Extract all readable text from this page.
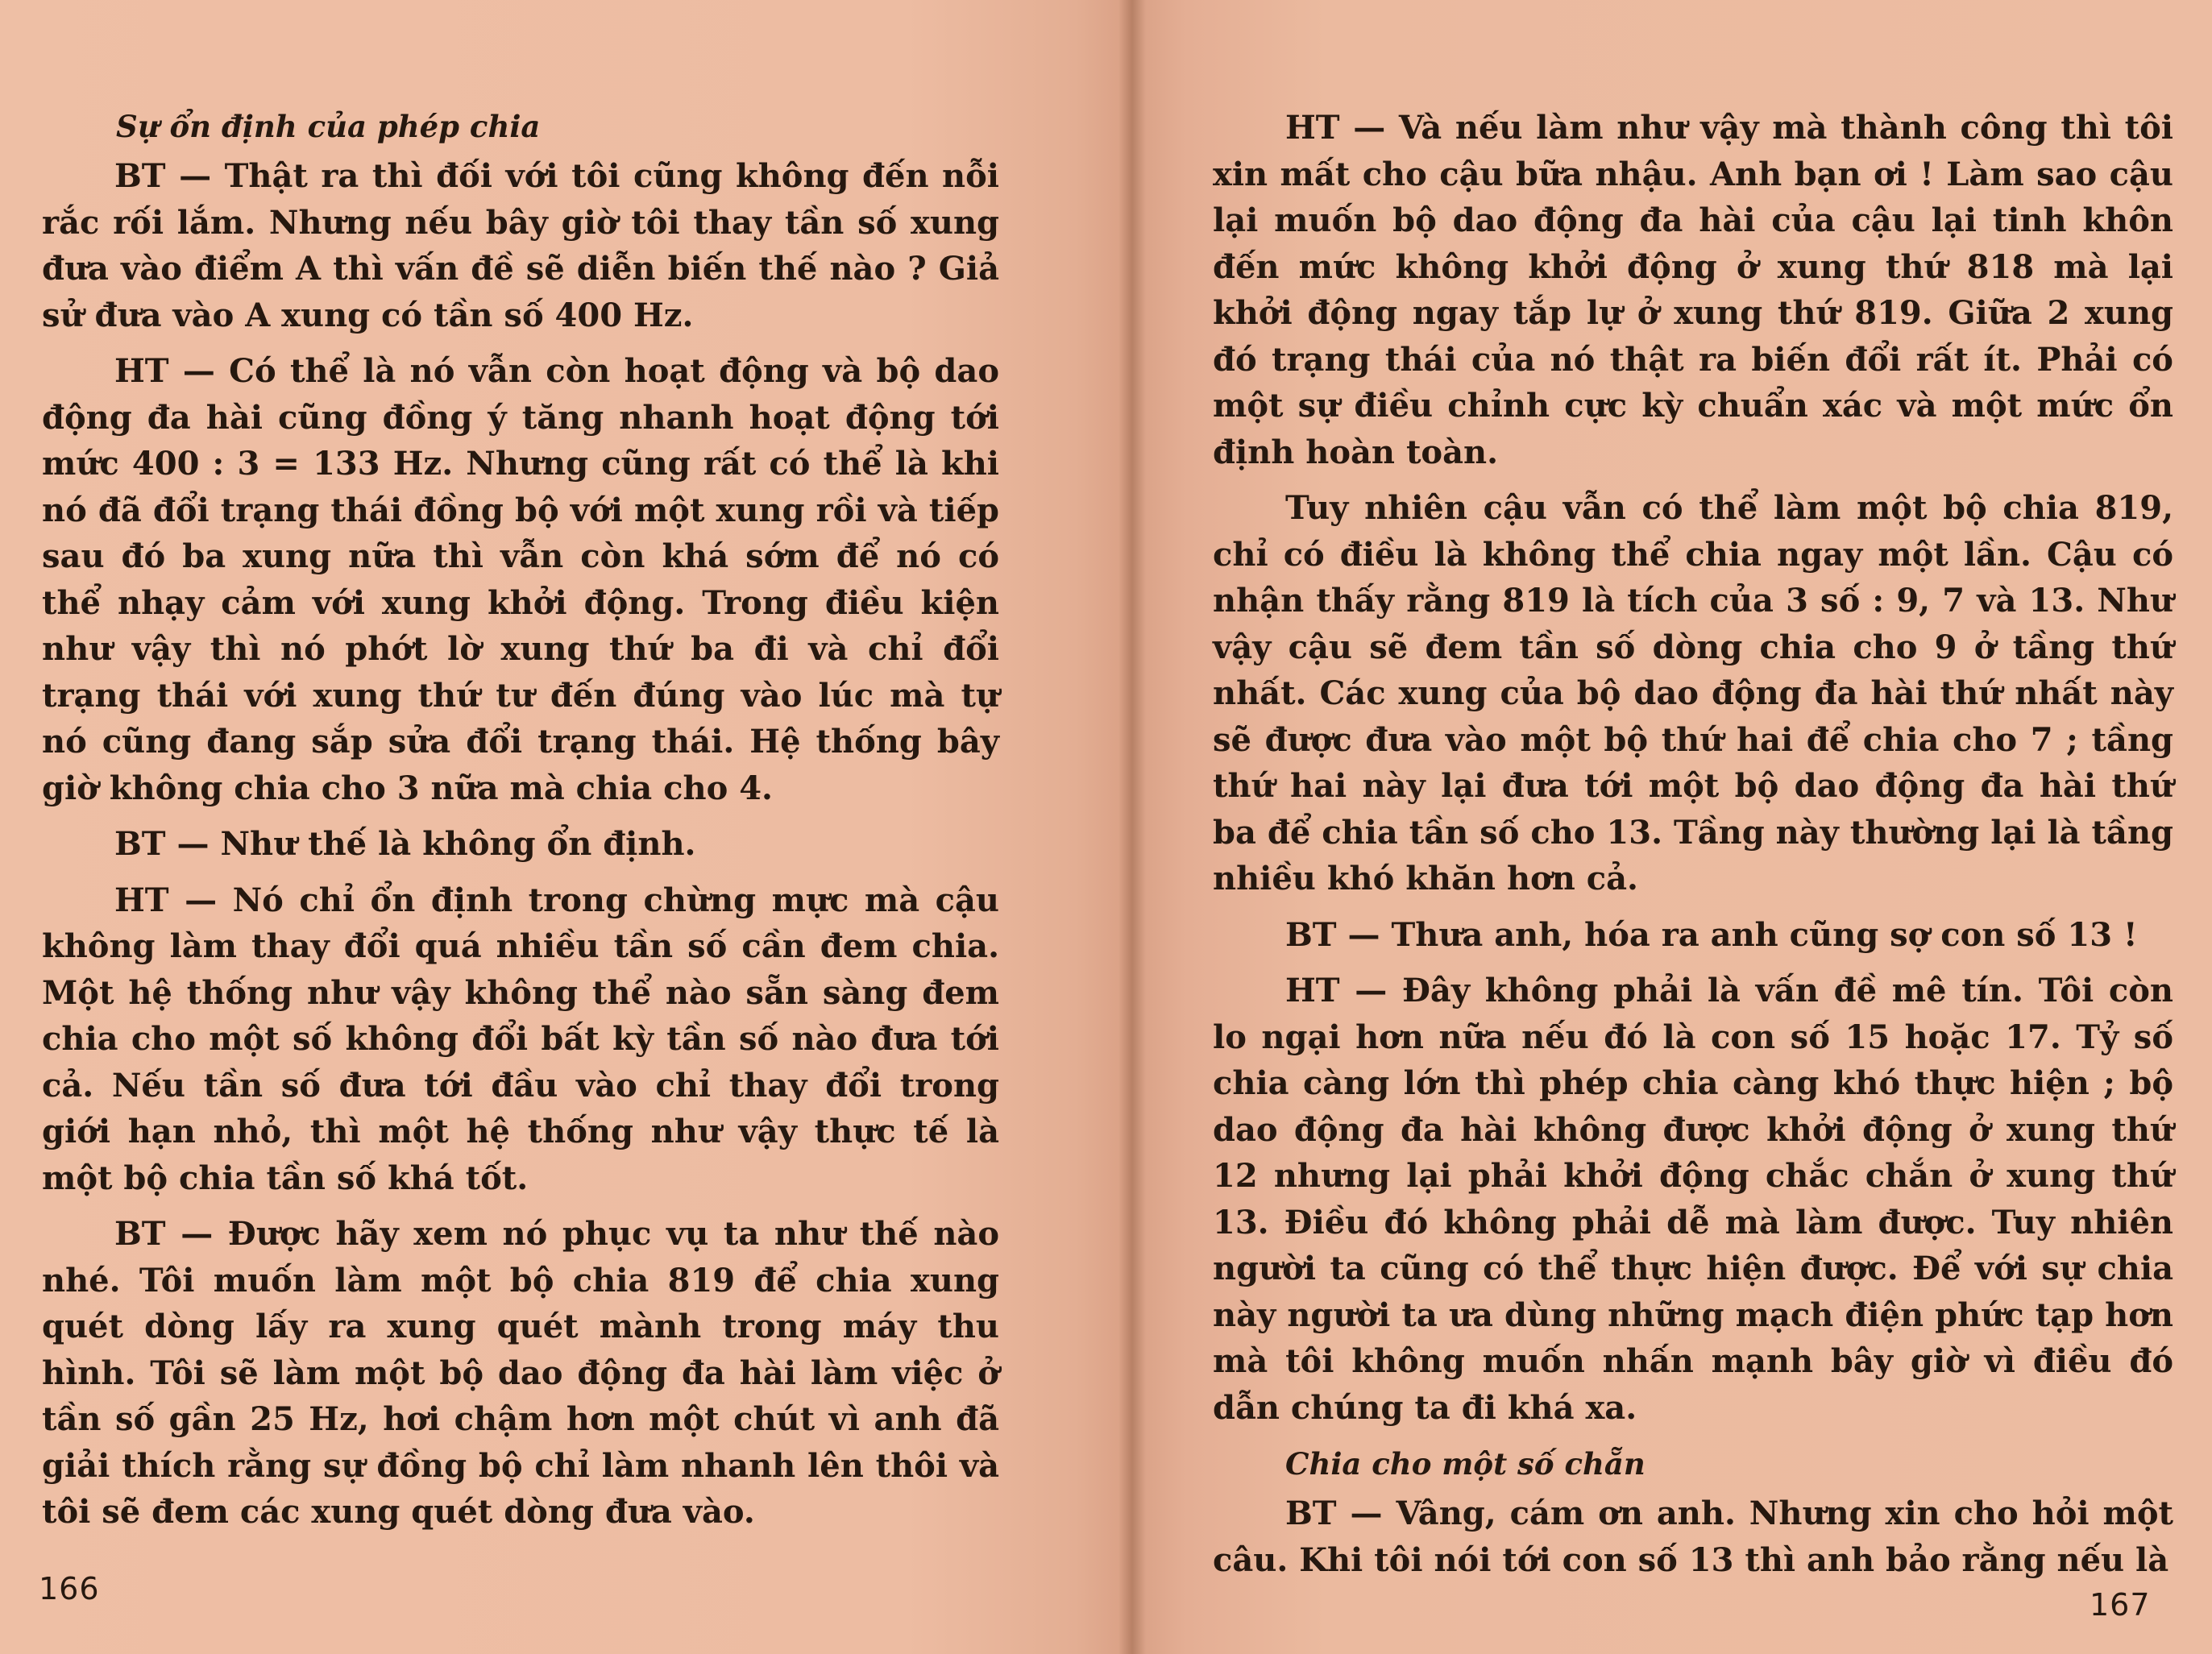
Sự ổn định của phép chia

BT — Thật ra thì đối với tôi cũng không đến nỗi rắc rối lắm. Nhưng nếu bây giờ tôi thay tần số xung đưa vào điểm A thì vấn đề sẽ diễn biến thế nào ? Giả sử đưa vào A xung có tần số 400 Hz.

HT — Có thể là nó vẫn còn hoạt động và bộ dao động đa hài cũng đồng ý tăng nhanh hoạt động tới mức 400 : 3 = 133 Hz. Nhưng cũng rất có thể là khi nó đã đổi trạng thái đồng bộ với một xung rồi và tiếp sau đó ba xung nữa thì vẫn còn khá sớm để nó có thể nhạy cảm với xung khởi động. Trong điều kiện như vậy thì nó phớt lờ xung thứ ba đi và chỉ đổi trạng thái với xung thứ tư đến đúng vào lúc mà tự nó cũng đang sắp sửa đổi trạng thái. Hệ thống bây giờ không chia cho 3 nữa mà chia cho 4.

BT — Như thế là không ổn định.

HT — Nó chỉ ổn định trong chừng mực mà cậu không làm thay đổi quá nhiều tần số cần đem chia. Một hệ thống như vậy không thể nào sẵn sàng đem chia cho một số không đổi bất kỳ tần số nào đưa tới cả. Nếu tần số đưa tới đầu vào chỉ thay đổi trong giới hạn nhỏ, thì một hệ thống như vậy thực tế là một bộ chia tần số khá tốt.

BT — Được hãy xem nó phục vụ ta như thế nào nhé. Tôi muốn làm một bộ chia 819 để chia xung quét dòng lấy ra xung quét mành trong máy thu hình. Tôi sẽ làm một bộ dao động đa hài làm việc ở tần số gần 25 Hz, hơi chậm hơn một chút vì anh đã giải thích rằng sự đồng bộ chỉ làm nhanh lên thôi và tôi sẽ đem các xung quét dòng đưa vào.

166

HT — Và nếu làm như vậy mà thành công thì tôi xin mất cho cậu bữa nhậu. Anh bạn ơi ! Làm sao cậu lại muốn bộ dao động đa hài của cậu lại tinh khôn đến mức không khởi động ở xung thứ 818 mà lại khởi động ngay tắp lự ở xung thứ 819. Giữa 2 xung đó trạng thái của nó thật ra biến đổi rất ít. Phải có một sự điều chỉnh cực kỳ chuẩn xác và một mức ổn định hoàn toàn.

Tuy nhiên cậu vẫn có thể làm một bộ chia 819, chỉ có điều là không thể chia ngay một lần. Cậu có nhận thấy rằng 819 là tích của 3 số : 9, 7 và 13. Như vậy cậu sẽ đem tần số dòng chia cho 9 ở tầng thứ nhất. Các xung của bộ dao động đa hài thứ nhất này sẽ được đưa vào một bộ thứ hai để chia cho 7 ; tầng thứ hai này lại đưa tới một bộ dao động đa hài thứ ba để chia tần số cho 13. Tầng này thường lại là tầng nhiều khó khăn hơn cả.

BT — Thưa anh, hóa ra anh cũng sợ con số 13 !

HT — Đây không phải là vấn đề mê tín. Tôi còn lo ngại hơn nữa nếu đó là con số 15 hoặc 17. Tỷ số chia càng lớn thì phép chia càng khó thực hiện ; bộ dao động đa hài không được khởi động ở xung thứ 12 nhưng lại phải khởi động chắc chắn ở xung thứ 13. Điều đó không phải dễ mà làm được. Tuy nhiên người ta cũng có thể thực hiện được. Để với sự chia này người ta ưa dùng những mạch điện phức tạp hơn mà tôi không muốn nhấn mạnh bây giờ vì điều đó dẫn chúng ta đi khá xa.

Chia cho một số chẵn

BT — Vâng, cám ơn anh. Nhưng xin cho hỏi một câu. Khi tôi nói tới con số 13 thì anh bảo rằng nếu là

167
